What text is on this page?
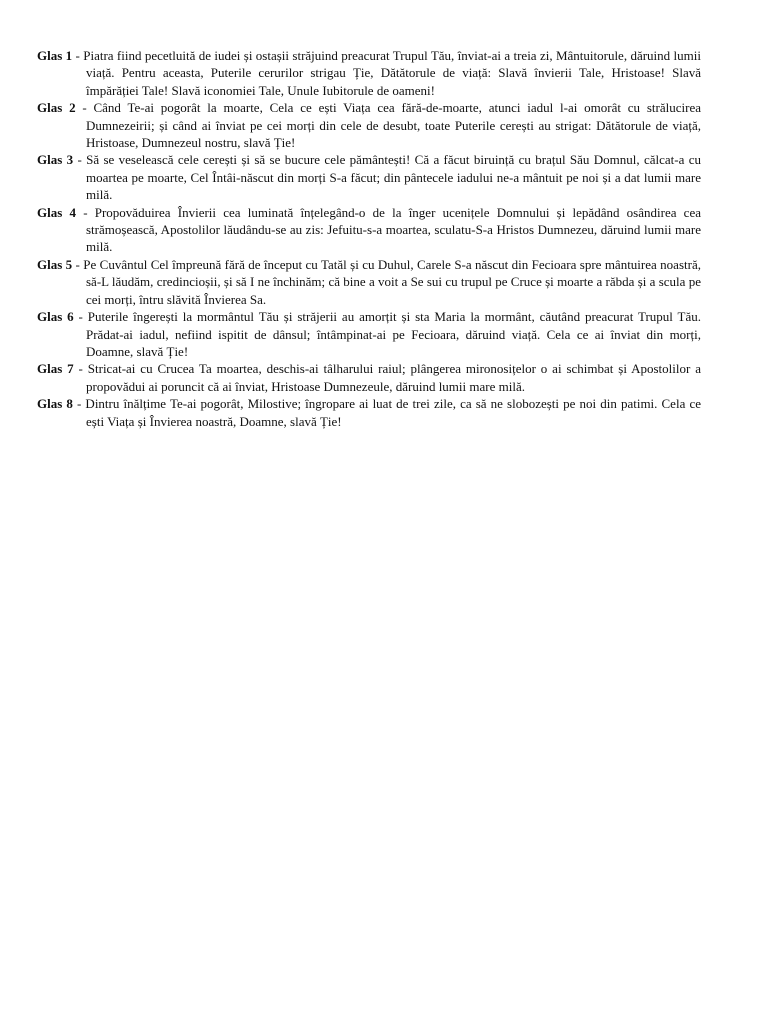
Glas 1 - Piatra fiind pecetluită de iudei și ostașii străjuind preacurat Trupul Tău, înviat-ai a treia zi, Mântuitorule, dăruind lumii viață. Pentru aceasta, Puterile cerurilor strigau Ție, Dătătorule de viață: Slavă învierii Tale, Hristoase! Slavă împărăției Tale! Slavă iconomiei Tale, Unule Iubitorule de oameni!

Glas 2 - Când Te-ai pogorât la moarte, Cela ce ești Viața cea fără-de-moarte, atunci iadul l-ai omorât cu strălucirea Dumnezeirii; și când ai înviat pe cei morți din cele de desubt, toate Puterile cerești au strigat: Dătătorule de viață, Hristoase, Dumnezeul nostru, slavă Ție!

Glas 3 - Să se veselească cele cerești și să se bucure cele pământești! Că a făcut biruință cu brațul Său Domnul, călcat-a cu moartea pe moarte, Cel Întâi-născut din morți S-a făcut; din pântecele iadului ne-a mântuit pe noi și a dat lumii mare milă.

Glas 4 - Propovăduirea Învierii cea luminată înțelegând-o de la înger ucenițele Domnului și lepădând osândirea cea strămoșească, Apostolilor lăudându-se au zis: Jefuitu-s-a moartea, sculatu-S-a Hristos Dumnezeu, dăruind lumii mare milă.

Glas 5 - Pe Cuvântul Cel împreună fără de început cu Tatăl și cu Duhul, Carele S-a născut din Fecioara spre mântuirea noastră, să-L lăudăm, credincioșii, și să I ne închinăm; că bine a voit a Se sui cu trupul pe Cruce și moarte a răbda și a scula pe cei morți, întru slăvită Învierea Sa.

Glas 6 - Puterile îngerești la mormântul Tău și străjerii au amorțit și sta Maria la mormânt, căutând preacurat Trupul Tău. Prădat-ai iadul, nefiind ispitit de dânsul; întâmpinat-ai pe Fecioara, dăruind viață. Cela ce ai înviat din morți, Doamne, slavă Ție!

Glas 7 - Stricat-ai cu Crucea Ta moartea, deschis-ai tâlharului raiul; plângerea mironosițelor o ai schimbat și Apostolilor a propovădui ai poruncit că ai înviat, Hristoase Dumnezeule, dăruind lumii mare milă.

Glas 8 - Dintru înălțime Te-ai pogorât, Milostive; îngropare ai luat de trei zile, ca să ne slobozești pe noi din patimi. Cela ce ești Viața și Învierea noastră, Doamne, slavă Ție!
